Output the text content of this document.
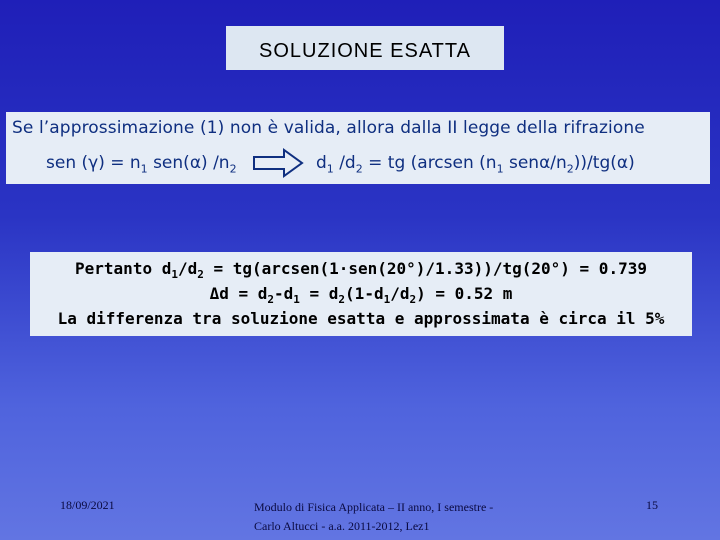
SOLUZIONE ESATTA
Se l’approssimazione (1) non è valida, allora dalla II legge della rifrazione
sen $(\gamma) = n_1$ sen(α) $/n_2$	$d_1$ $/d_2$ = tg (arcsen ($n_1$ senα/$n_2))/tg(\alpha)$
Pertanto $d_1/d_2$ = tg(arcsen(1·sen(20°)/1.33))/tg(20°) = 0.739
$\Delta d = d_2-d_1 = d_2(1-d_1/d_2) = 0.52$ m
La differenza tra soluzione esatta e approssimata è circa il 5%
18/09/2021	Modulo di Fisica Applicata – II anno, I semestre -
Carlo Altucci - a.a. 2011-2012, Lez1
15
